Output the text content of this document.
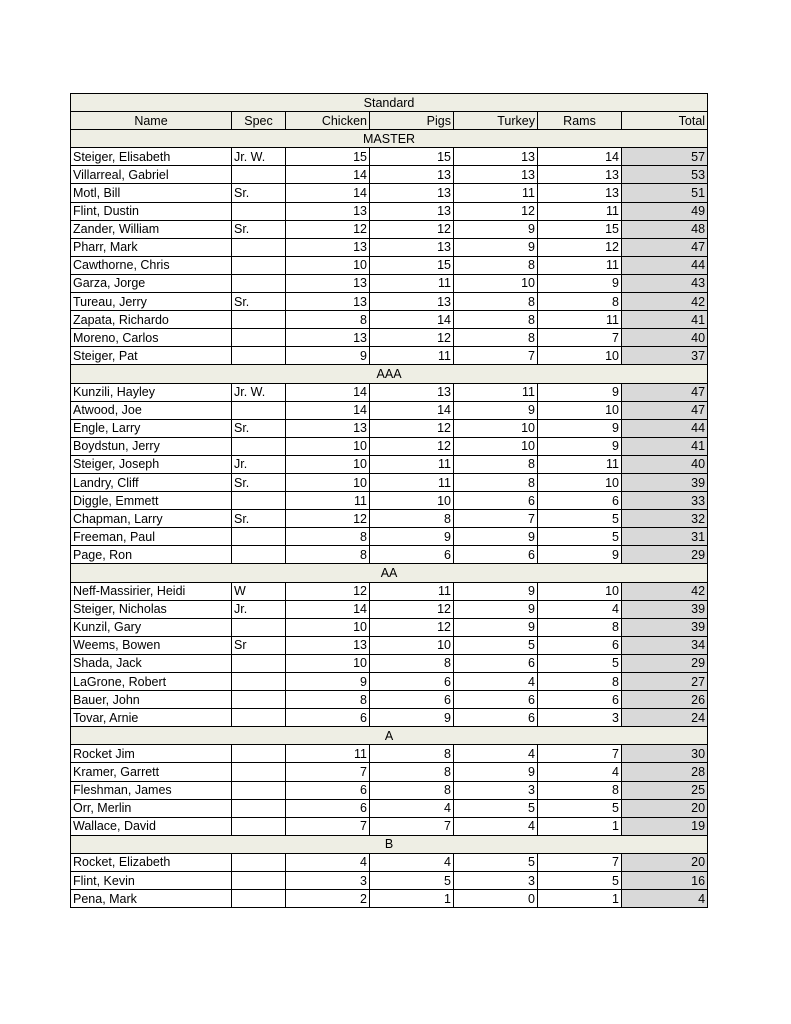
Standard						
Name	Spec	Chicken	Pigs	Turkey	Rams	Total
MASTER						
Steiger, Elisabeth	Jr. W.	15	15	13	14	57
Villarreal, Gabriel		14	13	13	13	53
Motl, Bill	Sr.	14	13	11	13	51
Flint, Dustin		13	13	12	11	49
Zander, William	Sr.	12	12	9	15	48
Pharr, Mark		13	13	9	12	47
Cawthorne, Chris		10	15	8	11	44
Garza, Jorge		13	11	10	9	43
Tureau, Jerry	Sr.	13	13	8	8	42
Zapata, Richardo		8	14	8	11	41
Moreno, Carlos		13	12	8	7	40
Steiger, Pat		9	11	7	10	37
AAA						
Kunzili, Hayley	Jr. W.	14	13	11	9	47
Atwood, Joe		14	14	9	10	47
Engle, Larry	Sr.	13	12	10	9	44
Boydstun, Jerry		10	12	10	9	41
Steiger, Joseph	Jr.	10	11	8	11	40
Landry, Cliff	Sr.	10	11	8	10	39
Diggle, Emmett		11	10	6	6	33
Chapman, Larry	Sr.	12	8	7	5	32
Freeman, Paul		8	9	9	5	31
Page, Ron		8	6	6	9	29
AA						
Neff-Massirier, Heidi	W	12	11	9	10	42
Steiger, Nicholas	Jr.	14	12	9	4	39
Kunzil, Gary		10	12	9	8	39
Weems, Bowen	Sr	13	10	5	6	34
Shada, Jack		10	8	6	5	29
LaGrone, Robert		9	6	4	8	27
Bauer, John		8	6	6	6	26
Tovar, Arnie		6	9	6	3	24
A						
Rocket Jim		11	8	4	7	30
Kramer, Garrett		7	8	9	4	28
Fleshman, James		6	8	3	8	25
Orr, Merlin		6	4	5	5	20
Wallace, David		7	7	4	1	19
B						
Rocket, Elizabeth		4	4	5	7	20
Flint, Kevin		3	5	3	5	16
Pena, Mark		2	1	0	1	4
